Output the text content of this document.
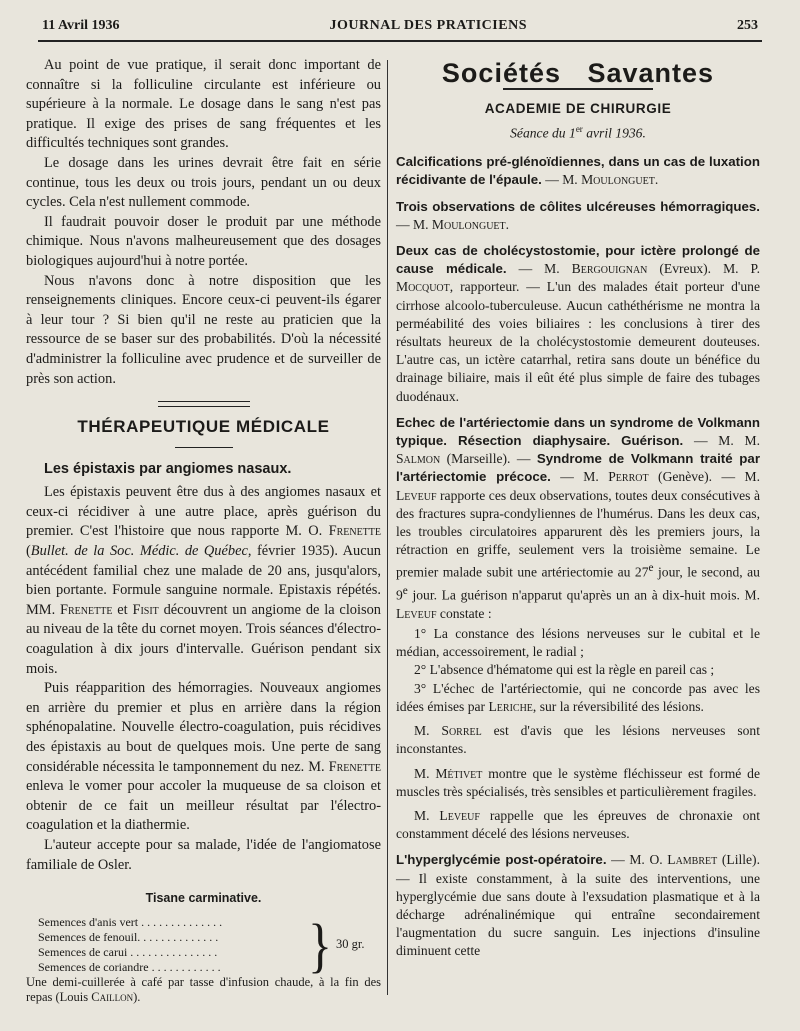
11 Avril 1936	JOURNAL DES PRATICIENS	253

Au point de vue pratique, il serait donc important de connaître si la folliculine circulante est inférieure ou supérieure à la normale. Le dosage dans le sang n'est pas pratique. Il exige des prises de sang fréquentes et les difficultés techniques sont grandes.

Le dosage dans les urines devrait être fait en série continue, tous les deux ou trois jours, pendant un ou deux cycles. Cela n'est nullement commode.

Il faudrait pouvoir doser le produit par une méthode chimique. Nous n'avons malheureusement que des dosages biologiques aujourd'hui à notre portée.

Nous n'avons donc à notre disposition que les renseignements cliniques. Encore ceux-ci peuvent-ils égarer à leur tour ? Si bien qu'il ne reste au praticien que la ressource de se baser sur des probabilités. D'où la nécessité d'administrer la folliculine avec prudence et de surveiller de près son action.

THÉRAPEUTIQUE MÉDICALE
Les épistaxis par angiomes nasaux.

Les épistaxis peuvent être dus à des angiomes nasaux et ceux-ci récidiver à une autre place, après guérison du premier. C'est l'histoire que nous rapporte M. O. Frenette (Bullet. de la Soc. Médic. de Québec, février 1935). Aucun antécédent familial chez une malade de 20 ans, jusqu'alors, bien portante. Formule sanguine normale. Epistaxis répétés. MM. Frenette et Fisit découvrent un angiome de la cloison au niveau de la tête du cornet moyen. Trois séances d'électro-coagulation à dix jours d'intervalle. Guérison pendant six mois.

Puis réapparition des hémorragies. Nouveaux angiomes en arrière du premier et plus en arrière dans la région sphénopalatine. Nouvelle électro-coagulation, puis récidives des épistaxis au bout de quelques mois. Une perte de sang considérable nécessita le tamponnement du nez. M. Frenette enleva le vomer pour accoler la muqueuse de sa cloison et obtenir de ce fait un meilleur résultat par l'électro-coagulation et la diathermie.

L'auteur accepte pour sa malade, l'idée de l'angiomatose familiale de Osler.

Tisane carminative.
Semences d'anis vert . . . . . . . . . . . . . .
Semences de fenouil. . . . . . . . . . . . . .
Semences de carui . . . . . . . . . . . . . . .
Semences de coriandre . . . . . . . . . . . .	} 30 gr.
Une demi-cuillerée à café par tasse d'infusion chaude, à la fin des repas (Louis Caillon).
Sociétés Savantes
ACADEMIE DE CHIRURGIE
Séance du 1er avril 1936.
Calcifications pré-glénoïdiennes, dans un cas de luxation récidivante de l'épaule. — M. Moulonguet.
Trois observations de côlites ulcéreuses hémorragiques. — M. Moulonguet.
Deux cas de cholécystostomie, pour ictère prolongé de cause médicale. — M. Bergouignan (Evreux). M. P. Mocquot, rapporteur. — L'un des malades était porteur d'une cirrhose alcoolo-tuberculeuse. Aucun cathéthérisme ne montra la perméabilité des voies biliaires : les conclusions à tirer des résultats heureux de la cholécystostomie demeurent douteuses. L'autre cas, un ictère catarrhal, retira sans doute un bénéfice du drainage biliaire, mais il eût été plus simple de faire des tubages duodénaux.
Echec de l'artériectomie dans un syndrome de Volkmann typique. Résection diaphysaire. Guérison. — M. M. Salmon (Marseille). — Syndrome de Volkmann traité par l'artériectomie précoce. — M. Perrot (Genève). — M. Leveuf rapporte ces deux observations, toutes deux consécutives à des fractures supra-condyliennes de l'humérus. Dans les deux cas, les troubles circulatoires apparurent dès les premiers jours, la rétraction en griffe, seulement vers la troisième semaine. Le premier malade subit une artériectomie au 27e jour, le second, au 9e jour. La guérison n'apparut qu'après un an à dix-huit mois. M. Leveuf constate :

1° La constance des lésions nerveuses sur le cubital et le médian, accessoirement, le radial ;

2° L'absence d'hématome qui est la règle en pareil cas ;

3° L'échec de l'artériectomie, qui ne concorde pas avec les idées émises par Leriche, sur la réversibilité des lésions.

M. Sorrel est d'avis que les lésions nerveuses sont inconstantes.

M. Métivet montre que le système fléchisseur est formé de muscles très spécialisés, très sensibles et particulièrement fragiles.

M. Leveuf rappelle que les épreuves de chronaxie ont constamment décelé des lésions nerveuses.

L'hyperglycémie post-opératoire. — M. O. Lambret (Lille). — Il existe constamment, à la suite des interventions, une hyperglycémie due sans doute à l'exsudation plasmatique et à la décharge adrénalinémique qui entraîne secondairement l'augmentation du sucre sanguin. Les injections d'insuline diminuent cette
